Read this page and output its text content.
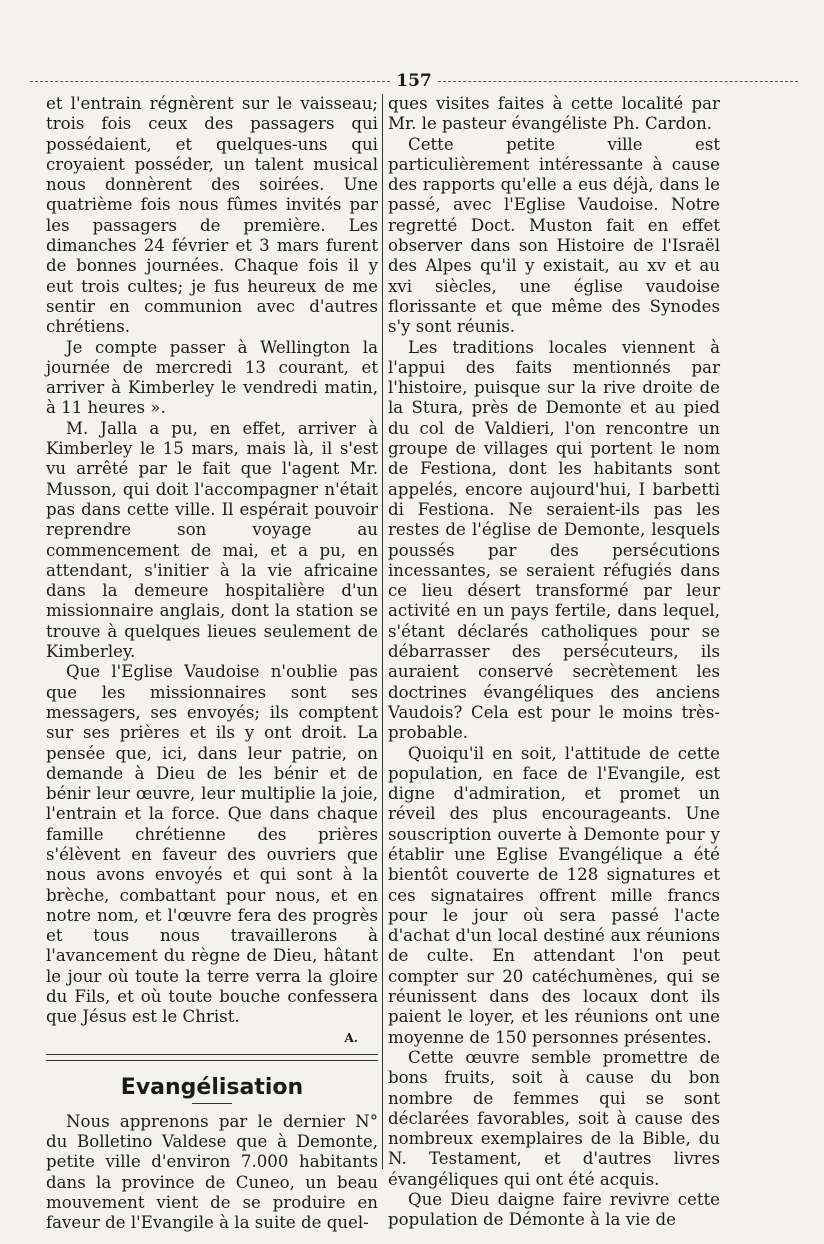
157

et l'entrain régnèrent sur le vaisseau; trois fois ceux des passagers qui possédaient, et quelques-uns qui croyaient posséder, un talent musical nous donnèrent des soirées. Une quatrième fois nous fûmes invités par les passagers de première. Les dimanches 24 février et 3 mars furent de bonnes journées. Chaque fois il y eut trois cultes; je fus heureux de me sentir en communion avec d'autres chrétiens.

Je compte passer à Wellington la journée de mercredi 13 courant, et arriver à Kimberley le vendredi matin, à 11 heures ».

M. Jalla a pu, en effet, arriver à Kimberley le 15 mars, mais là, il s'est vu arrêté par le fait que l'agent Mr. Musson, qui doit l'accompagner n'était pas dans cette ville. Il espérait pouvoir reprendre son voyage au commencement de mai, et a pu, en attendant, s'initier à la vie africaine dans la demeure hospitalière d'un missionnaire anglais, dont la station se trouve à quelques lieues seulement de Kimberley.

Que l'Eglise Vaudoise n'oublie pas que les missionnaires sont ses messagers, ses envoyés; ils comptent sur ses prières et ils y ont droit. La pensée que, ici, dans leur patrie, on demande à Dieu de les bénir et de bénir leur œuvre, leur multiplie la joie, l'entrain et la force. Que dans chaque famille chrétienne des prières s'élèvent en faveur des ouvriers que nous avons envoyés et qui sont à la brèche, combattant pour nous, et en notre nom, et l'œuvre fera des progrès et tous nous travaillerons à l'avancement du règne de Dieu, hâtant le jour où toute la terre verra la gloire du Fils, et où toute bouche confessera que Jésus est le Christ.

A.
Evangélisation

Nous apprenons par le dernier N° du Bolletino Valdese que à Demonte, petite ville d'environ 7.000 habitants dans la province de Cuneo, un beau mouvement vient de se produire en faveur de l'Evangile à la suite de quel-

ques visites faites à cette localité par Mr. le pasteur évangéliste Ph. Cardon.

Cette petite ville est particulièrement intéressante à cause des rapports qu'elle a eus déjà, dans le passé, avec l'Eglise Vaudoise. Notre regretté Doct. Muston fait en effet observer dans son Histoire de l'Israël des Alpes qu'il y existait, au xv et au xvi siècles, une église vaudoise florissante et que même des Synodes s'y sont réunis.

Les traditions locales viennent à l'appui des faits mentionnés par l'histoire, puisque sur la rive droite de la Stura, près de Demonte et au pied du col de Valdieri, l'on rencontre un groupe de villages qui portent le nom de Festiona, dont les habitants sont appelés, encore aujourd'hui, I barbetti di Festiona. Ne seraient-ils pas les restes de l'église de Demonte, lesquels poussés par des persécutions incessantes, se seraient réfugiés dans ce lieu désert transformé par leur activité en un pays fertile, dans lequel, s'étant déclarés catholiques pour se débarrasser des persécuteurs, ils auraient conservé secrètement les doctrines évangéliques des anciens Vaudois? Cela est pour le moins très-probable.

Quoiqu'il en soit, l'attitude de cette population, en face de l'Evangile, est digne d'admiration, et promet un réveil des plus encourageants. Une souscription ouverte à Demonte pour y établir une Eglise Evangélique a été bientôt couverte de 128 signatures et ces signataires offrent mille francs pour le jour où sera passé l'acte d'achat d'un local destiné aux réunions de culte. En attendant l'on peut compter sur 20 catéchumènes, qui se réunissent dans des locaux dont ils paient le loyer, et les réunions ont une moyenne de 150 personnes présentes.

Cette œuvre semble promettre de bons fruits, soit à cause du bon nombre de femmes qui se sont déclarées favorables, soit à cause des nombreux exemplaires de la Bible, du N. Testament, et d'autres livres évangéliques qui ont été acquis.

Que Dieu daigne faire revivre cette population de Démonte à la vie de
